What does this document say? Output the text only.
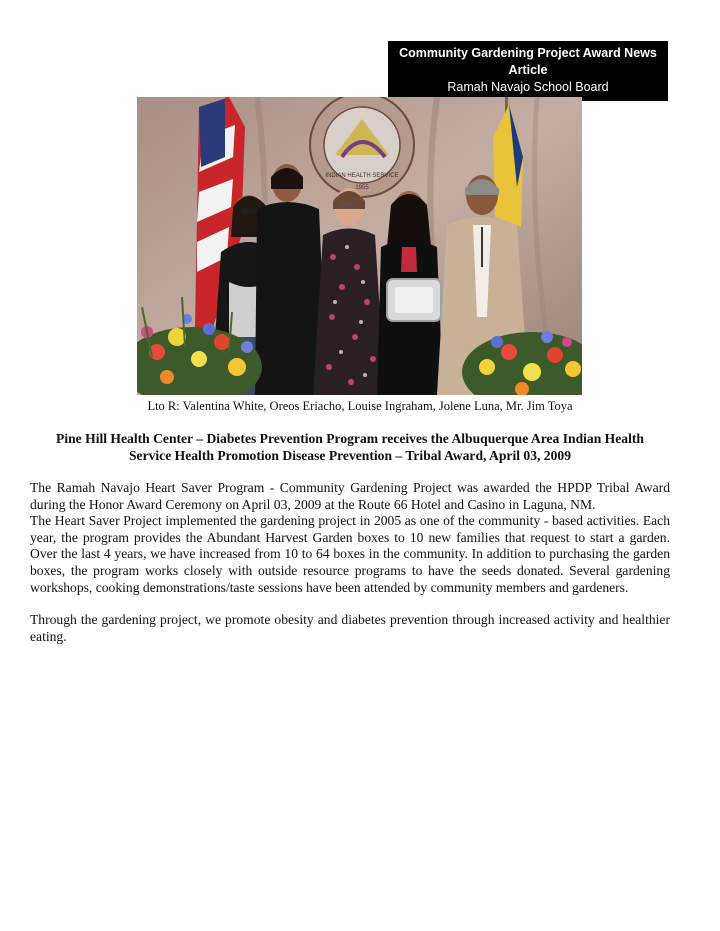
Community Gardening Project Award News Article
Ramah Navajo School Board
INDIAN HEALTH SERVICE
1955
Lto R: Valentina White, Oreos Eriacho, Louise Ingraham, Jolene Luna, Mr. Jim Toya
Pine Hill Health Center – Diabetes Prevention Program receives the Albuquerque Area Indian Health
Service Health Promotion Disease Prevention – Tribal Award, April 03, 2009

The Ramah Navajo Heart Saver Program - Community Gardening Project was awarded the HPDP Tribal Award during the Honor Award Ceremony on April 03, 2009 at the Route 66 Hotel and Casino in Laguna, NM.

The Heart Saver Project implemented the gardening project in 2005 as one of the community - based activities. Each year, the program provides the Abundant Harvest Garden boxes to 10 new families that request to start a garden. Over the last 4 years, we have increased from 10 to 64 boxes in the community. In addition to purchasing the garden boxes, the program works closely with outside resource programs to have the seeds donated. Several gardening workshops, cooking demonstrations/taste sessions have been attended by community members and gardeners.

Through the gardening project, we promote obesity and diabetes prevention through increased activity and healthier eating.
